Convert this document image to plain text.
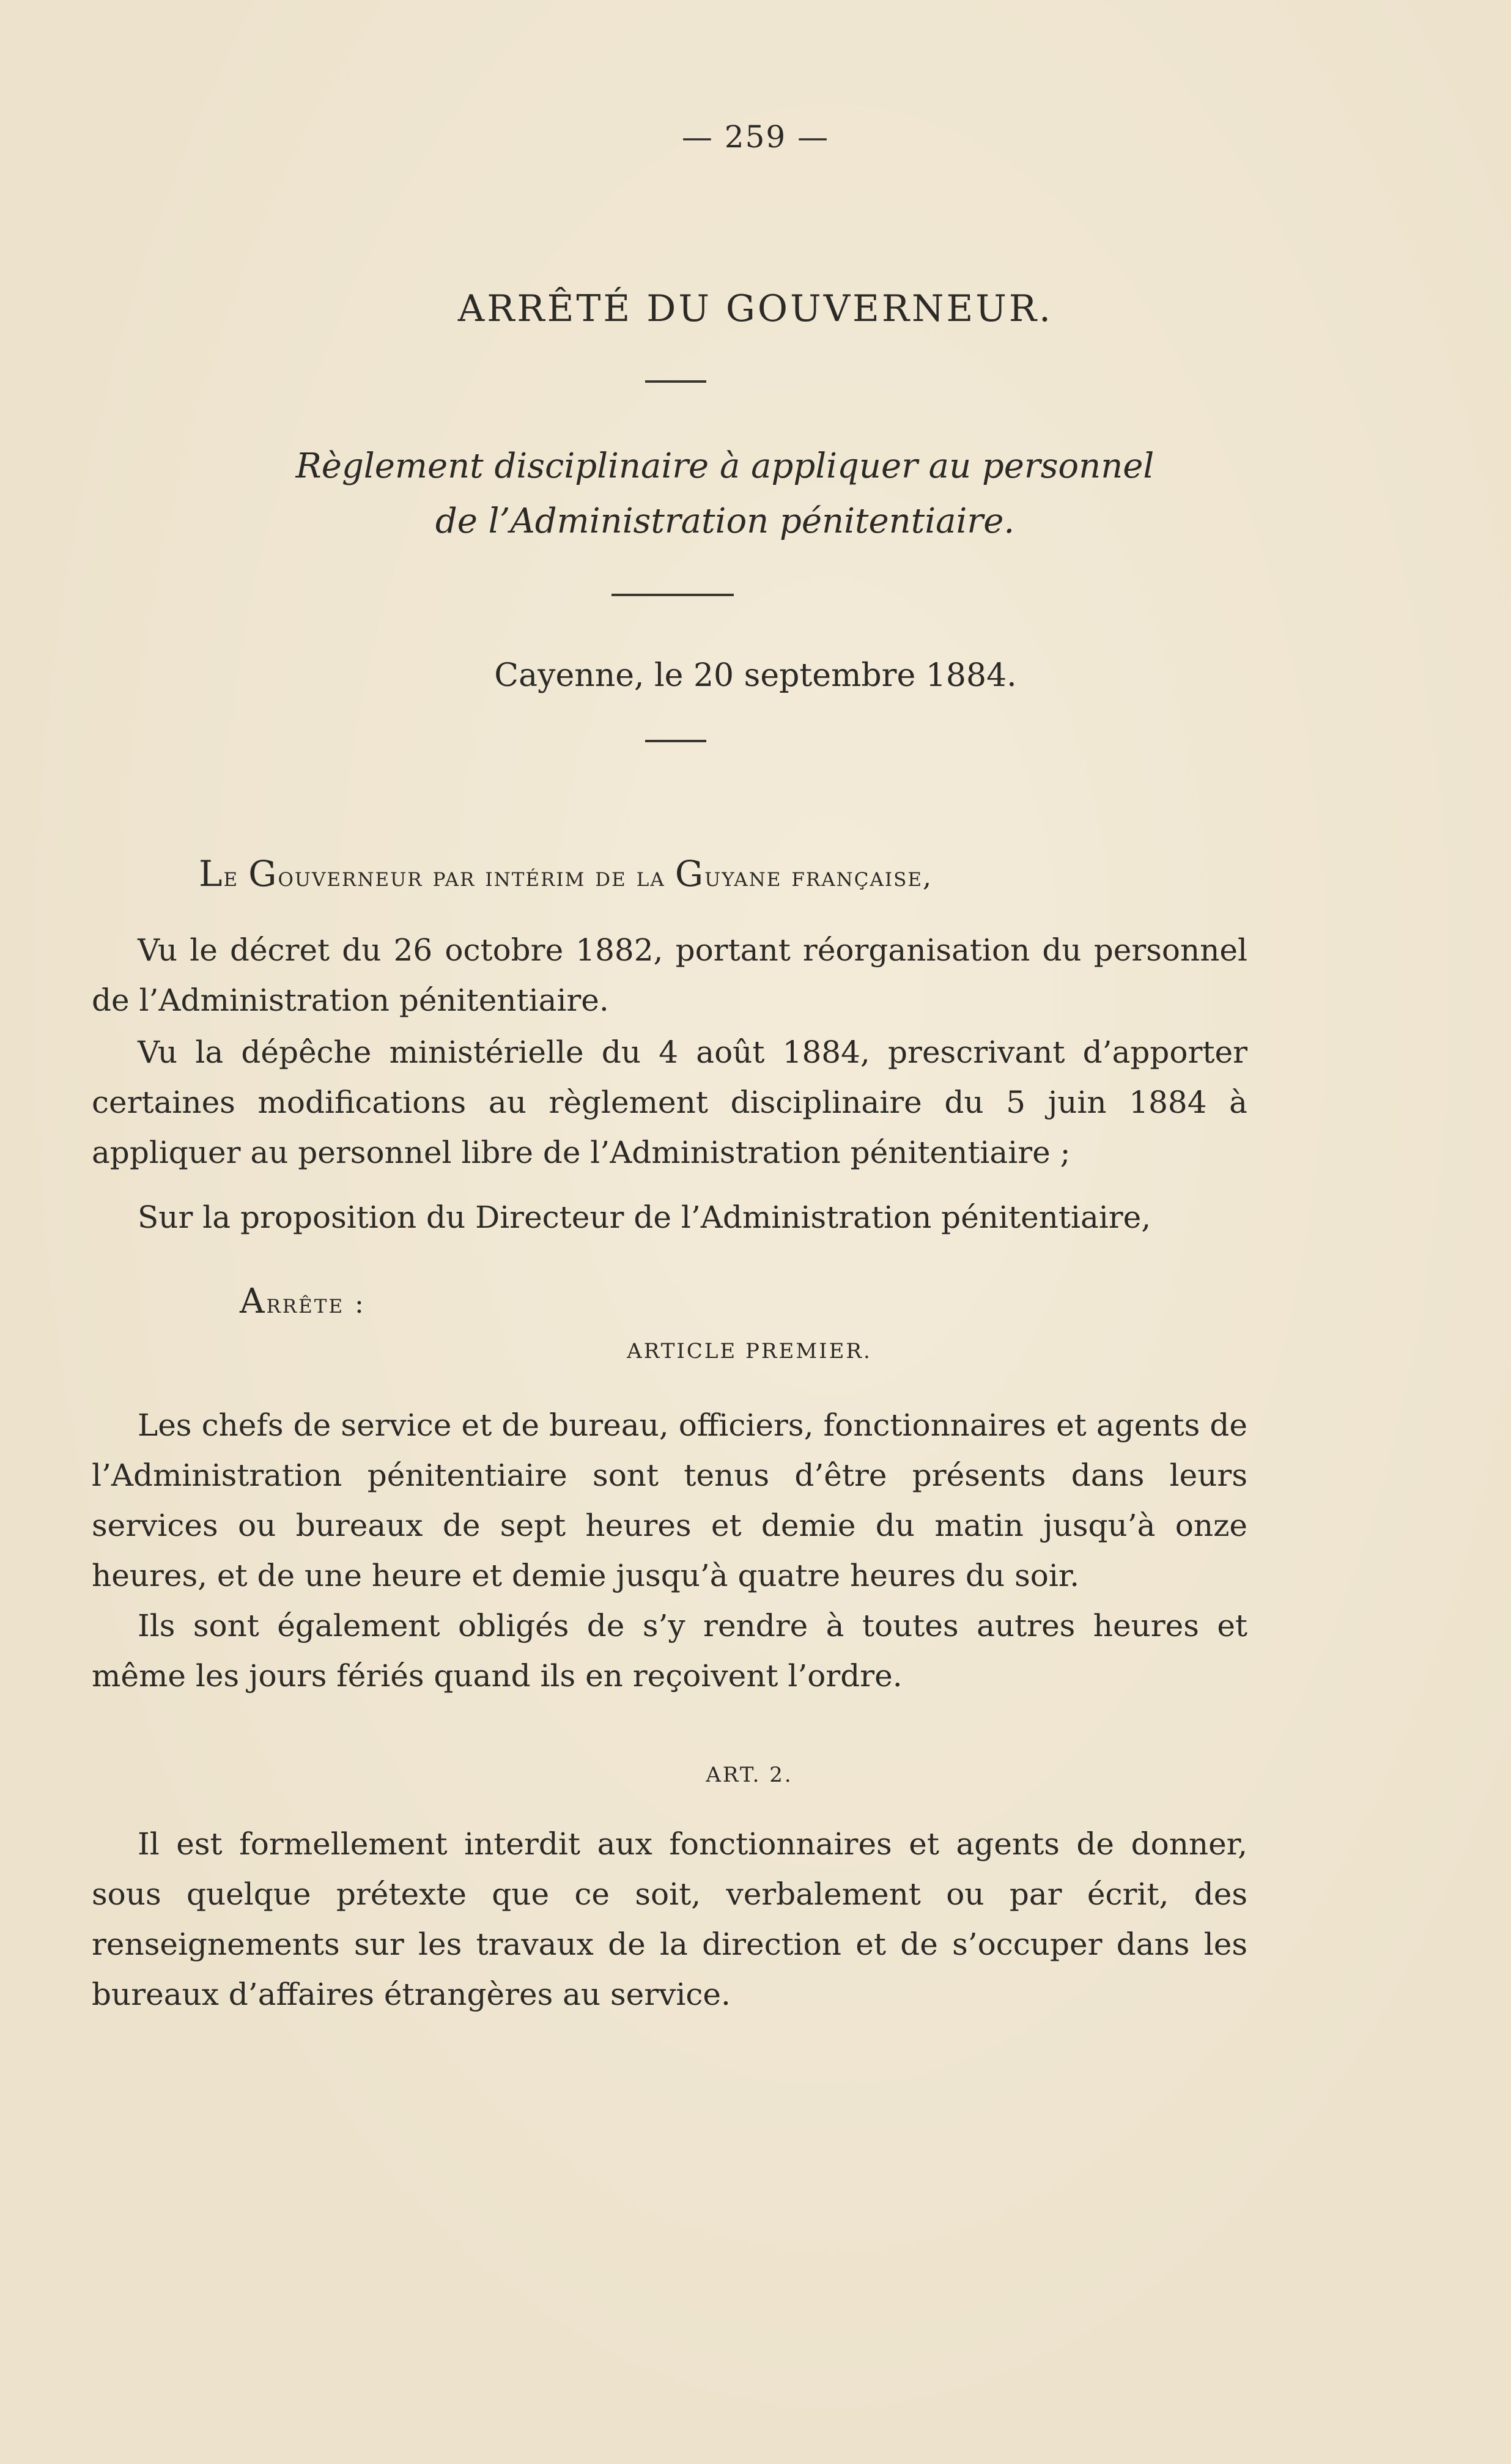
— 259 —
ARRÊTÉ DU GOUVERNEUR.
Règlement disciplinaire à appliquer au personnel
de l’Administration pénitentiaire.
Cayenne, le 20 septembre 1884.
Le Gouverneur par intérim de la Guyane française,
Vu le décret du 26 octobre 1882, portant réorganisation du personnel de l’Administration pénitentiaire.
Vu la dépêche ministérielle du 4 août 1884, prescrivant d’apporter certaines modifications au règlement disciplinaire du 5 juin 1884 à appliquer au personnel libre de l’Administration pénitentiaire ;
Sur la proposition du Directeur de l’Administration pénitentiaire,
Arrête :
ARTICLE PREMIER.
Les chefs de service et de bureau, officiers, fonctionnaires et agents de l’Administration pénitentiaire sont tenus d’être présents dans leurs services ou bureaux de sept heures et demie du matin jusqu’à onze heures, et de une heure et demie jusqu’à quatre heures du soir.
Ils sont également obligés de s’y rendre à toutes autres heures et même les jours fériés quand ils en reçoivent l’ordre.
ART. 2.
Il est formellement interdit aux fonctionnaires et agents de donner, sous quelque prétexte que ce soit, verbalement ou par écrit, des renseignements sur les travaux de la direction et de s’occuper dans les bureaux d’affaires étrangères au service.
